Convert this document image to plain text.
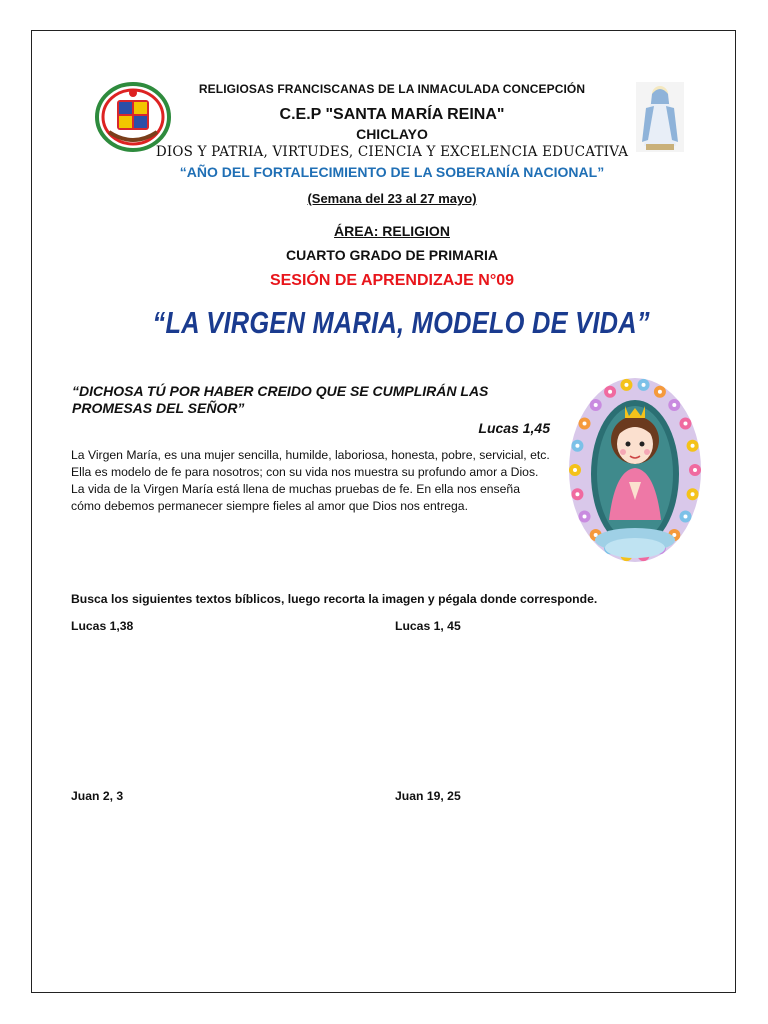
RELIGIOSAS FRANCISCANAS DE LA INMACULADA CONCEPCIÓN
C.E.P "SANTA MARÍA REINA"
CHICLAYO
DIOS Y PATRIA, VIRTUDES, CIENCIA Y EXCELENCIA EDUCATIVA
“AÑO DEL FORTALECIMIENTO DE LA SOBERANÍA NACIONAL”
(Semana del 23 al 27 mayo)
ÁREA: RELIGION
CUARTO GRADO DE PRIMARIA
SESIÓN DE APRENDIZAJE N°09
“LA VIRGEN MARIA, MODELO DE VIDA”
“DICHOSA TÚ POR HABER CREIDO QUE SE CUMPLIRÁN LAS PROMESAS DEL SEÑOR”
Lucas 1,45

La Virgen María, es una mujer sencilla, humilde, laboriosa, honesta, pobre, servicial, etc.

Ella es modelo de fe para nosotros; con su vida nos muestra su profundo amor a Dios.

La vida de la Virgen María está llena de muchas pruebas de fe. En ella nos enseña cómo debemos permanecer siempre fieles al amor que Dios nos entrega.

Busca los siguientes textos bíblicos, luego recorta la imagen y pégala donde corresponde.
Lucas 1,38	Lucas 1, 45
Juan 2, 3	Juan 19, 25
